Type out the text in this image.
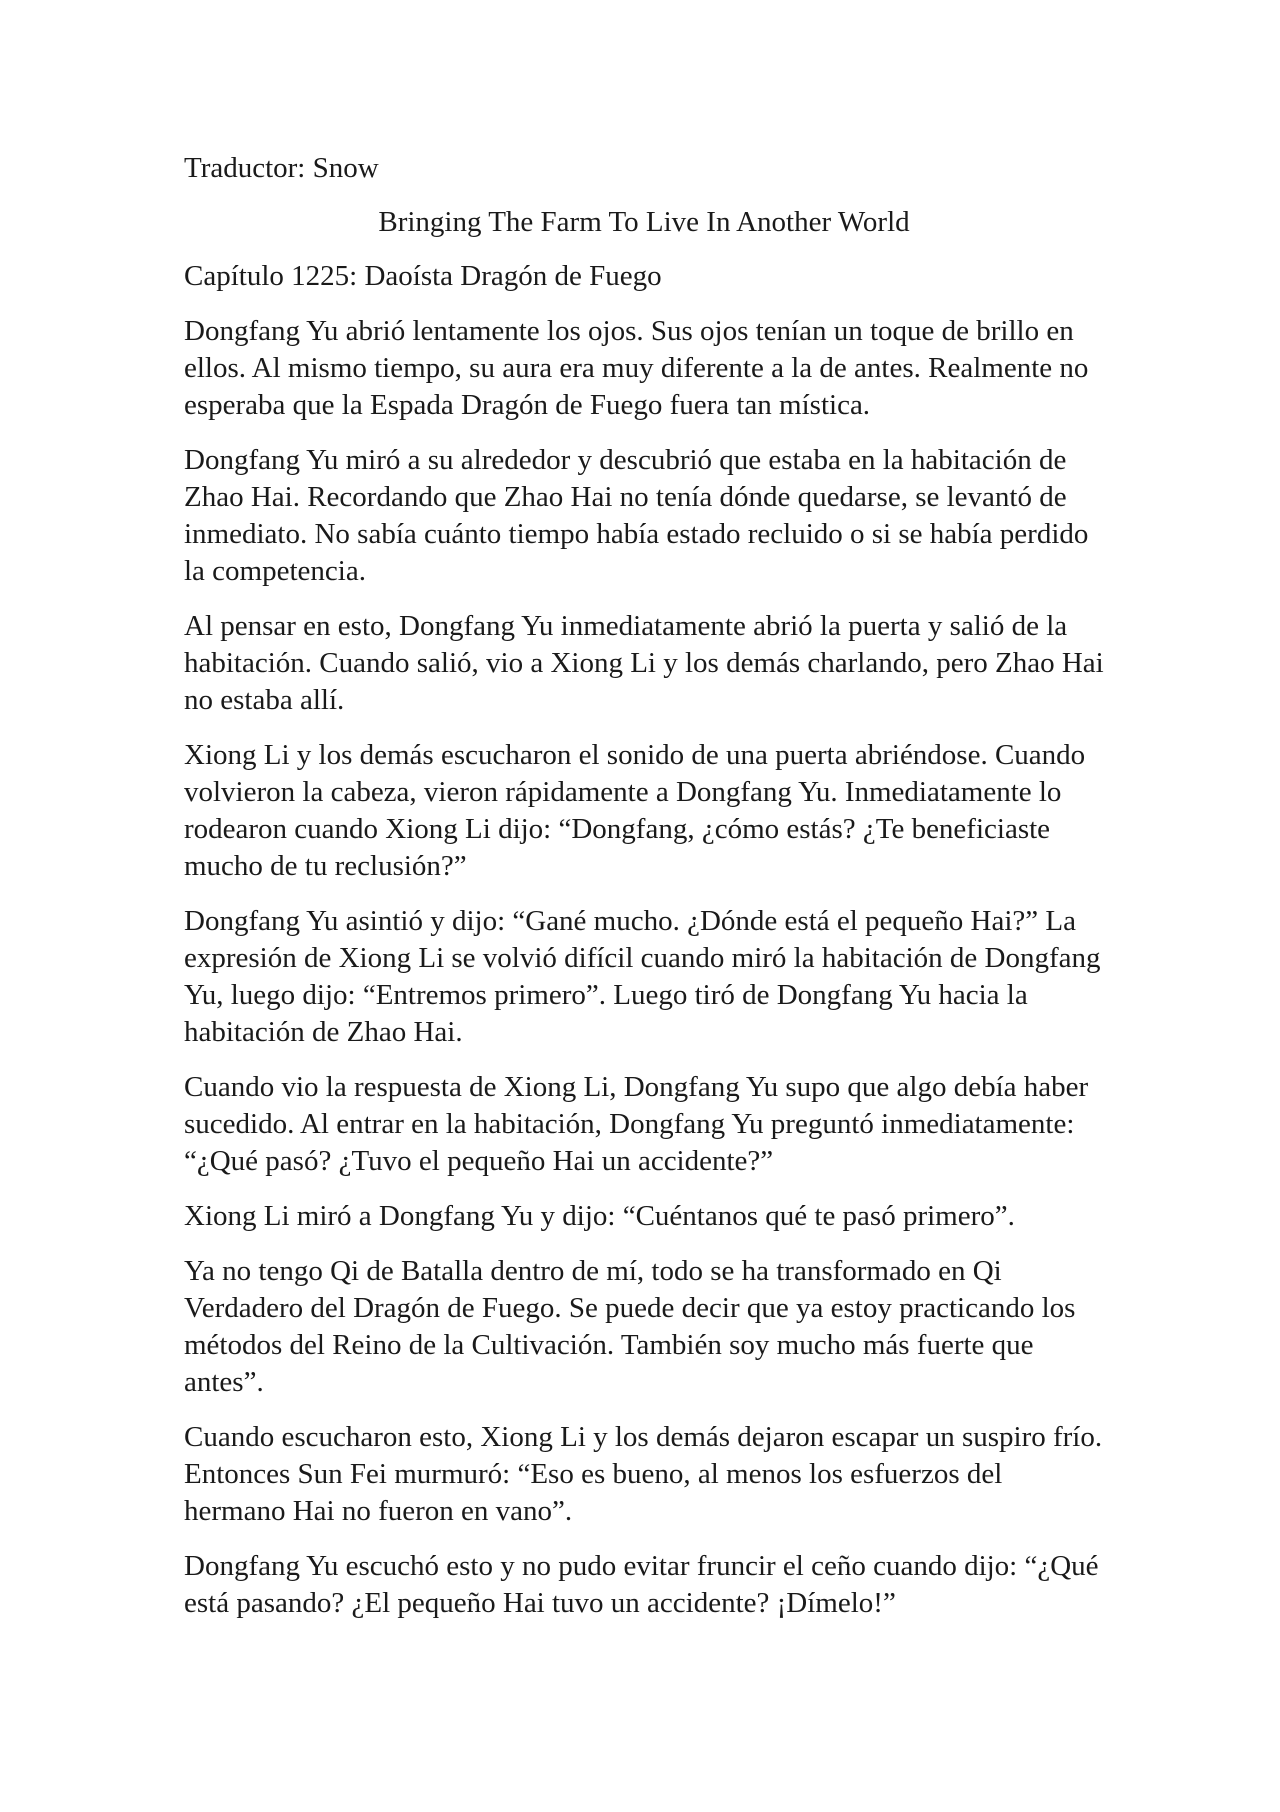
Traductor: Snow

Bringing The Farm To Live In Another World

Capítulo 1225: Daoísta Dragón de Fuego

Dongfang Yu abrió lentamente los ojos. Sus ojos tenían un toque de brillo en ellos. Al mismo tiempo, su aura era muy diferente a la de antes. Realmente no esperaba que la Espada Dragón de Fuego fuera tan mística.

Dongfang Yu miró a su alrededor y descubrió que estaba en la habitación de Zhao Hai. Recordando que Zhao Hai no tenía dónde quedarse, se levantó de inmediato. No sabía cuánto tiempo había estado recluido o si se había perdido la competencia.

Al pensar en esto, Dongfang Yu inmediatamente abrió la puerta y salió de la habitación. Cuando salió, vio a Xiong Li y los demás charlando, pero Zhao Hai no estaba allí.

Xiong Li y los demás escucharon el sonido de una puerta abriéndose. Cuando volvieron la cabeza, vieron rápidamente a Dongfang Yu. Inmediatamente lo rodearon cuando Xiong Li dijo: “Dongfang, ¿cómo estás? ¿Te beneficiaste mucho de tu reclusión?”

Dongfang Yu asintió y dijo: “Gané mucho. ¿Dónde está el pequeño Hai?” La expresión de Xiong Li se volvió difícil cuando miró la habitación de Dongfang Yu, luego dijo: “Entremos primero”. Luego tiró de Dongfang Yu hacia la habitación de Zhao Hai.

Cuando vio la respuesta de Xiong Li, Dongfang Yu supo que algo debía haber sucedido. Al entrar en la habitación, Dongfang Yu preguntó inmediatamente: “¿Qué pasó? ¿Tuvo el pequeño Hai un accidente?”

Xiong Li miró a Dongfang Yu y dijo: “Cuéntanos qué te pasó primero”.

Ya no tengo Qi de Batalla dentro de mí, todo se ha transformado en Qi Verdadero del Dragón de Fuego. Se puede decir que ya estoy practicando los métodos del Reino de la Cultivación. También soy mucho más fuerte que antes”.

Cuando escucharon esto, Xiong Li y los demás dejaron escapar un suspiro frío. Entonces Sun Fei murmuró: “Eso es bueno, al menos los esfuerzos del hermano Hai no fueron en vano”.

Dongfang Yu escuchó esto y no pudo evitar fruncir el ceño cuando dijo: “¿Qué está pasando? ¿El pequeño Hai tuvo un accidente? ¡Dímelo!”
